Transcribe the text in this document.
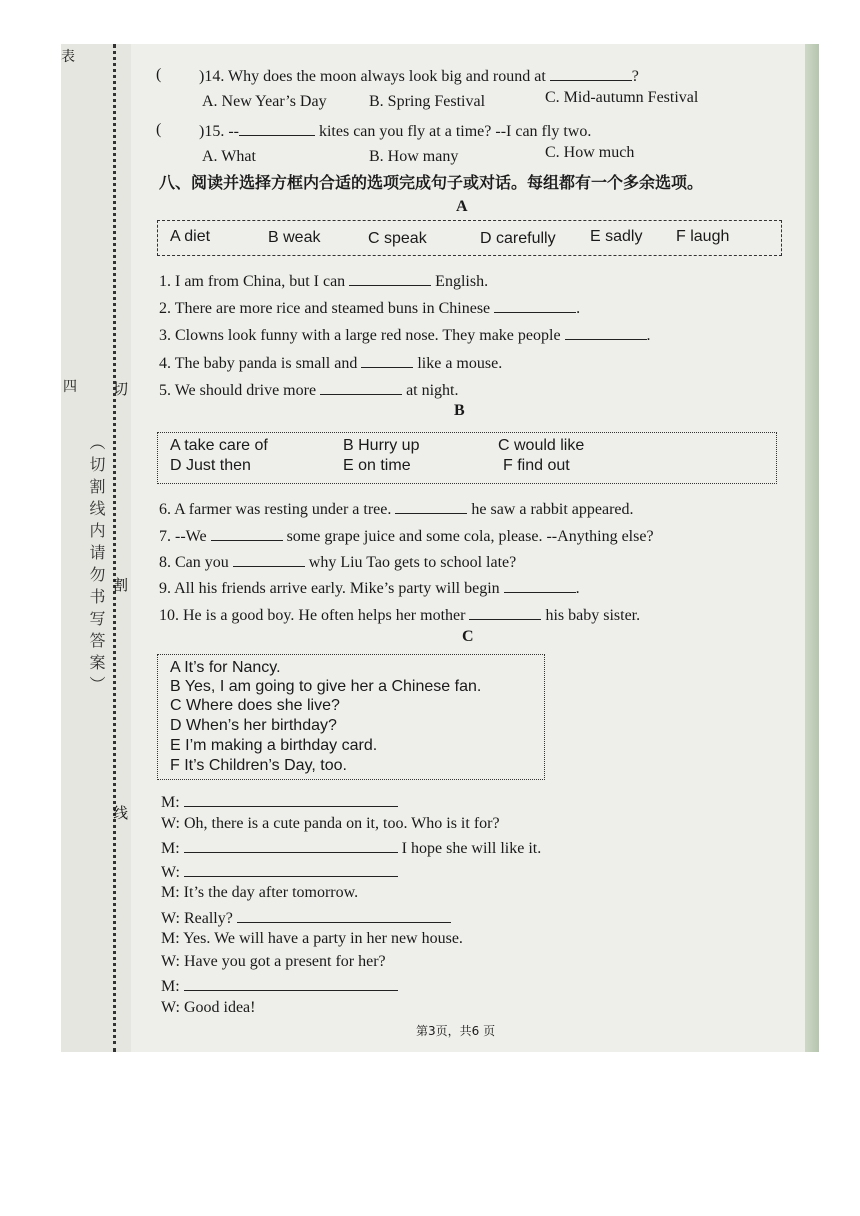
表
四 切
割
线
︵切割线内请勿书写答案︶
( )14. Why does the moon always look big and round at	?
A. New Year’s Day	B. Spring Festival	C. Mid-autumn Festival
( )15. --	kites can you fly at a time? --I can fly two.
A. What	B. How many	C. How much
八、阅读并选择方框内合适的选项完成句子或对话。每组都有一个多余选项。
A
A diet	B weak	C speak	D carefully E sadly F laugh
1. I am from China, but I can	English.
2. There are more rice and steamed buns in Chinese	.
3. Clowns look funny with a large red nose. They make people	.
4. The baby panda is small and	like a mouse.
5. We should drive more	at night.
B
A take care of	B Hurry up	C would like
D Just then	E on time	F find out
6. A farmer was resting under a tree.	he saw a rabbit appeared.
7. --We	some grape juice and some cola, please. --Anything else?
8. Can you	why Liu Tao gets to school late?
9. All his friends arrive early. Mike’s party will begin	.
10. He is a good boy. He often helps her mother	his baby sister.
C
A It’s for Nancy.
B Yes, I am going to give her a Chinese fan.
C Where does she live?
D When’s her birthday?
E I’m making a birthday card.
F It’s Children’s Day, too.
M:
W: Oh, there is a cute panda on it, too. Who is it for?
M:	I hope she will like it.
W:
M: It’s the day after tomorrow.
W: Really?
M: Yes. We will have a party in her new house.
W: Have you got a present for her?
M:
W: Good idea!
第3页，共6 页
